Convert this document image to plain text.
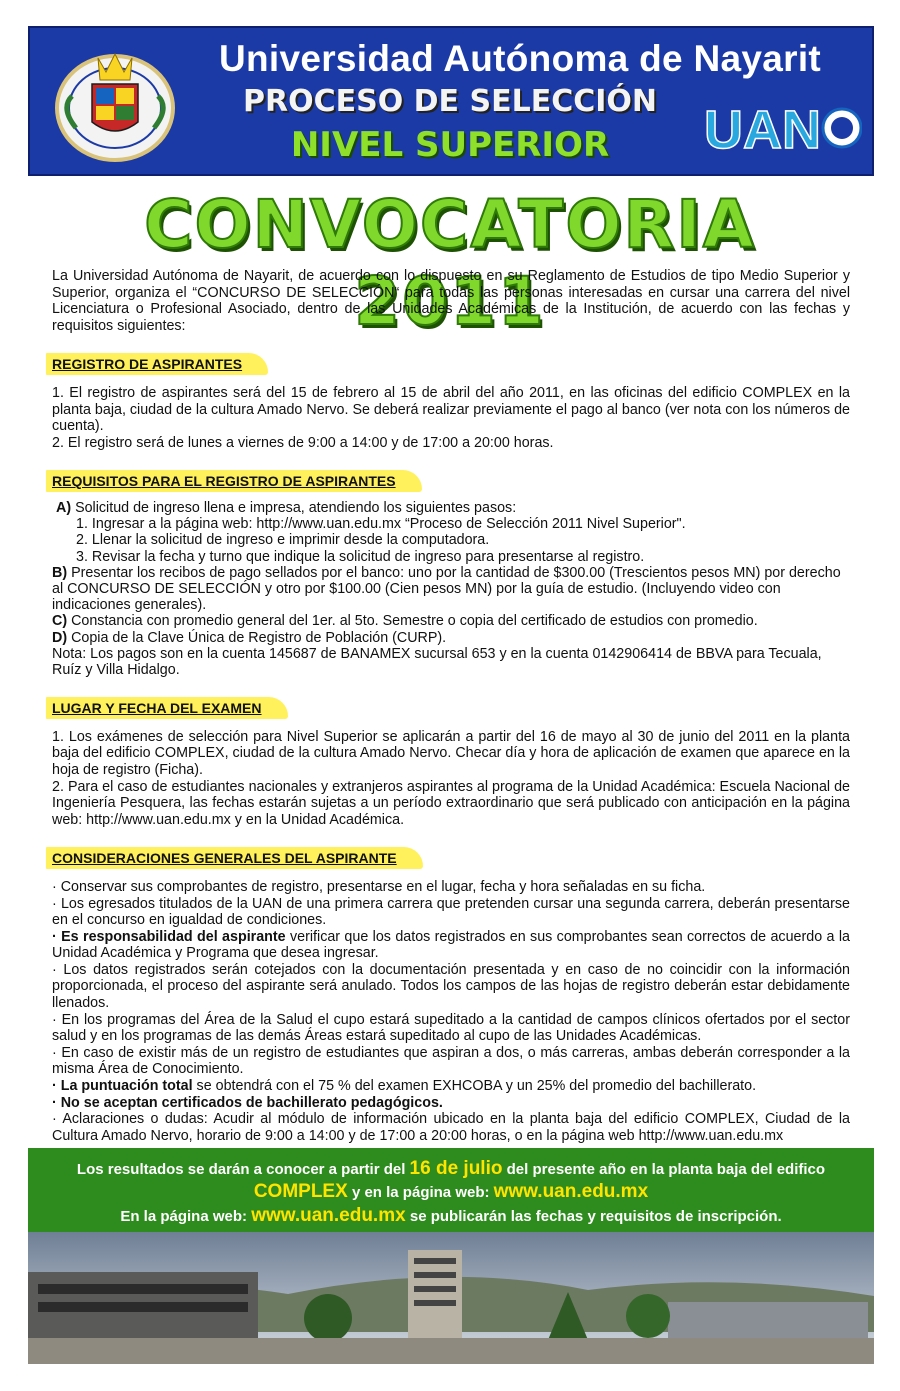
Universidad Autónoma de Nayarit
PROCESO DE SELECCIÓN
NIVEL SUPERIOR	UAN
CONVOCATORIA 2011

La Universidad Autónoma de Nayarit, de acuerdo con lo dispuesto en su Reglamento de Estudios de tipo Medio Superior y Superior, organiza el “CONCURSO DE SELECCIÓN“ para todas las personas interesadas en cursar una carrera del nivel Licenciatura o Profesional Asociado, dentro de las Unidades Académicas de la Institución, de acuerdo con las fechas y requisitos siguientes:

REGISTRO DE ASPIRANTES

1. El registro de aspirantes será del 15 de febrero al 15 de abril del año 2011, en las oficinas del edificio COMPLEX en la planta baja, ciudad de la cultura Amado Nervo. Se deberá realizar previamente el pago al banco (ver nota con los números de cuenta).

2. El registro será de lunes a viernes de 9:00 a 14:00 y de 17:00 a 20:00 horas.

REQUISITOS PARA EL REGISTRO DE ASPIRANTES

A) Solicitud de ingreso llena e impresa, atendiendo los siguientes pasos:

1. Ingresar a la página web: http://www.uan.edu.mx “Proceso de Selección 2011 Nivel Superior".

2. Llenar la solicitud de ingreso e imprimir desde la computadora.

3. Revisar la fecha y turno que indique la solicitud de ingreso para presentarse al registro.

B) Presentar los recibos de pago sellados por el banco: uno por la cantidad de $300.00 (Trescientos pesos MN) por derecho al CONCURSO DE SELECCIÓN y otro por $100.00 (Cien pesos MN) por la guía de estudio. (Incluyendo video con indicaciones generales).

C) Constancia con promedio general del 1er. al 5to. Semestre o copia del certificado de estudios con promedio.

D) Copia de la Clave Única de Registro de Población (CURP).

Nota: Los pagos son en la cuenta 145687 de BANAMEX sucursal 653 y en la cuenta 0142906414 de BBVA para Tecuala, Ruíz y Villa Hidalgo.

LUGAR Y FECHA DEL EXAMEN

1. Los exámenes de selección para Nivel Superior se aplicarán a partir del 16 de mayo al 30 de junio del 2011 en la planta baja del edificio COMPLEX, ciudad de la cultura Amado Nervo. Checar día y hora de aplicación de examen que aparece en la hoja de registro (Ficha).

2. Para el caso de estudiantes nacionales y extranjeros aspirantes al programa de la Unidad Académica: Escuela Nacional de Ingeniería Pesquera, las fechas estarán sujetas a un período extraordinario que será publicado con anticipación en la página web: http://www.uan.edu.mx y en la Unidad Académica.

CONSIDERACIONES GENERALES DEL ASPIRANTE

· Conservar sus comprobantes de registro, presentarse en el lugar, fecha y hora señaladas en su ficha.

· Los egresados titulados de la UAN de una primera carrera que pretenden cursar una segunda carrera, deberán presentarse en el concurso en igualdad de condiciones.

· Es responsabilidad del aspirante verificar que los datos registrados en sus comprobantes sean correctos de acuerdo a la Unidad Académica y Programa que desea ingresar.

· Los datos registrados serán cotejados con la documentación presentada y en caso de no coincidir con la información proporcionada, el proceso del aspirante será anulado. Todos los campos de las hojas de registro deberán estar debidamente llenados.

· En los programas del Área de la Salud el cupo estará supeditado a la cantidad de campos clínicos ofertados por el sector salud y en los programas de las demás Áreas estará supeditado al cupo de las Unidades Académicas.

· En caso de existir más de un registro de estudiantes que aspiran a dos, o más carreras, ambas deberán corresponder a la misma Área de Conocimiento.

· La puntuación total se obtendrá con el 75 % del examen EXHCOBA y un 25% del promedio del bachillerato.

· No se aceptan certificados de bachillerato pedagógicos.

· Aclaraciones o dudas: Acudir al módulo de información ubicado en la planta baja del edificio COMPLEX, Ciudad de la Cultura Amado Nervo, horario de 9:00 a 14:00 y de 17:00 a 20:00 horas, o en la página web http://www.uan.edu.mx

Los resultados se darán a conocer a partir del 16 de julio del presente año en la planta baja del edifico
COMPLEX y en la página web: www.uan.edu.mx
En la página web: www.uan.edu.mx se publicarán las fechas y requisitos de inscripción.
